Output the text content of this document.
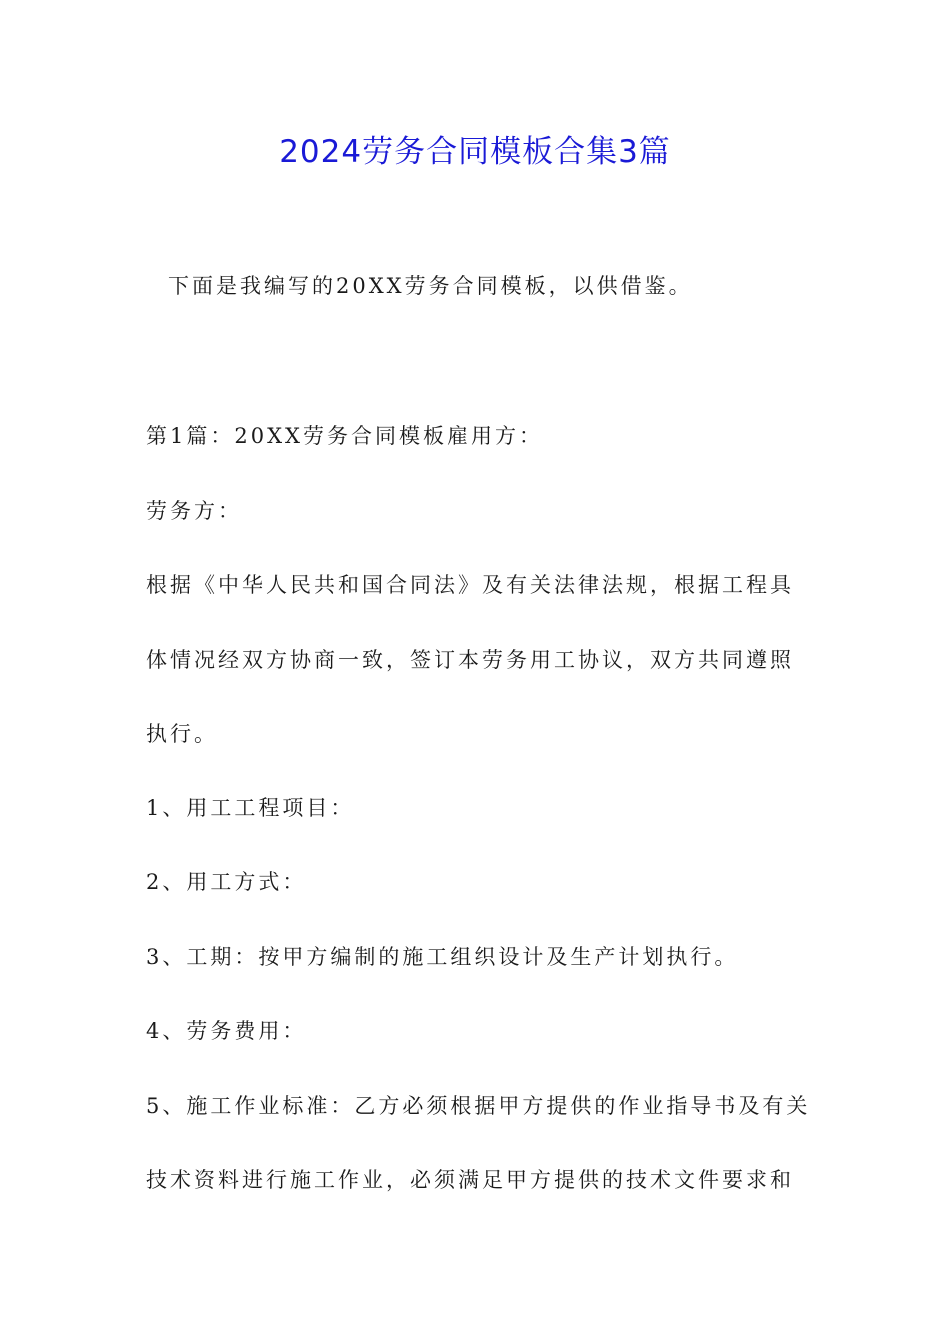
2024劳务合同模板合集3篇

下面是我编写的20XX劳务合同模板，以供借鉴。

第1篇：20XX劳务合同模板雇用方：

劳务方：

根据《中华人民共和国合同法》及有关法律法规，根据工程具

体情况经双方协商一致，签订本劳务用工协议，双方共同遵照

执行。

1、用工工程项目：

2、用工方式：

3、工期：按甲方编制的施工组织设计及生产计划执行。

4、劳务费用：

5、施工作业标准：乙方必须根据甲方提供的作业指导书及有关

技术资料进行施工作业，必须满足甲方提供的技术文件要求和
